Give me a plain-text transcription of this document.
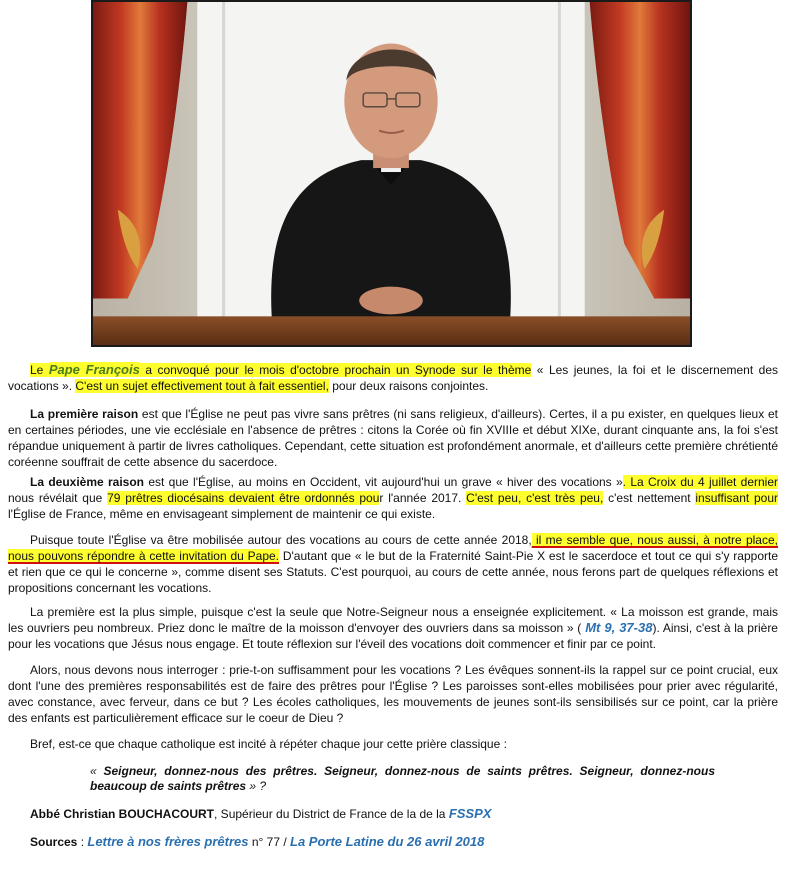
Le Pape François a convoqué pour le mois d'octobre prochain un Synode sur le thème « Les jeunes, la foi et le discernement des vocations ». C'est un sujet effectivement tout à fait essentiel, pour deux raisons conjointes.

La première raison est que l'Église ne peut pas vivre sans prêtres (ni sans religieux, d'ailleurs). Certes, il a pu exister, en quelques lieux et en certaines périodes, une vie ecclésiale en l'absence de prêtres : citons la Corée où fin XVIIIe et début XIXe, durant cinquante ans, la foi s'est répandue uniquement à partir de livres catholiques. Cependant, cette situation est profondément anormale, et d'ailleurs cette première chrétienté coréenne souffrait de cette absence du sacerdoce.

La deuxième raison est que l'Église, au moins en Occident, vit aujourd'hui un grave « hiver des vocations ». La Croix du 4 juillet dernier nous révélait que 79 prêtres diocésains devaient être ordonnés pour l'année 2017. C'est peu, c'est très peu, c'est nettement insuffisant pour l'Église de France, même en envisageant simplement de maintenir ce qui existe.

Puisque toute l'Église va être mobilisée autour des vocations au cours de cette année 2018, il me semble que, nous aussi, à notre place, nous pouvons répondre à cette invitation du Pape. D'autant que « le but de la Fraternité Saint-Pie X est le sacerdoce et tout ce qui s'y rapporte et rien que ce qui le concerne », comme disent ses Statuts. C'est pourquoi, au cours de cette année, nous ferons part de quelques réflexions et propositions concernant les vocations.

La première est la plus simple, puisque c'est la seule que Notre-Seigneur nous a enseignée explicitement. « La moisson est grande, mais les ouvriers peu nombreux. Priez donc le maître de la moisson d'envoyer des ouvriers dans sa moisson » ( Mt 9, 37-38). Ainsi, c'est à la prière pour les vocations que Jésus nous engage. Et toute réflexion sur l'éveil des vocations doit commencer et finir par ce point.

Alors, nous devons nous interroger : prie-t-on suffisamment pour les vocations ? Les évêques sonnent-ils la rappel sur ce point crucial, eux dont l'une des premières responsabilités est de faire des prêtres pour l'Église ? Les paroisses sont-elles mobilisées pour prier avec régularité, avec constance, avec ferveur, dans ce but ? Les écoles catholiques, les mouvements de jeunes sont-ils sensibilisés sur ce point, car la prière des enfants est particulièrement efficace sur le coeur de Dieu ?

Bref, est-ce que chaque catholique est incité à répéter chaque jour cette prière classique :

« Seigneur, donnez-nous des prêtres. Seigneur, donnez-nous de saints prêtres. Seigneur, donnez-nous beaucoup de saints prêtres » ?
Abbé Christian BOUCHACOURT, Supérieur du District de France de la de la FSSPX
Sources : Lettre à nos frères prêtres n° 77 / La Porte Latine du 26 avril 2018
